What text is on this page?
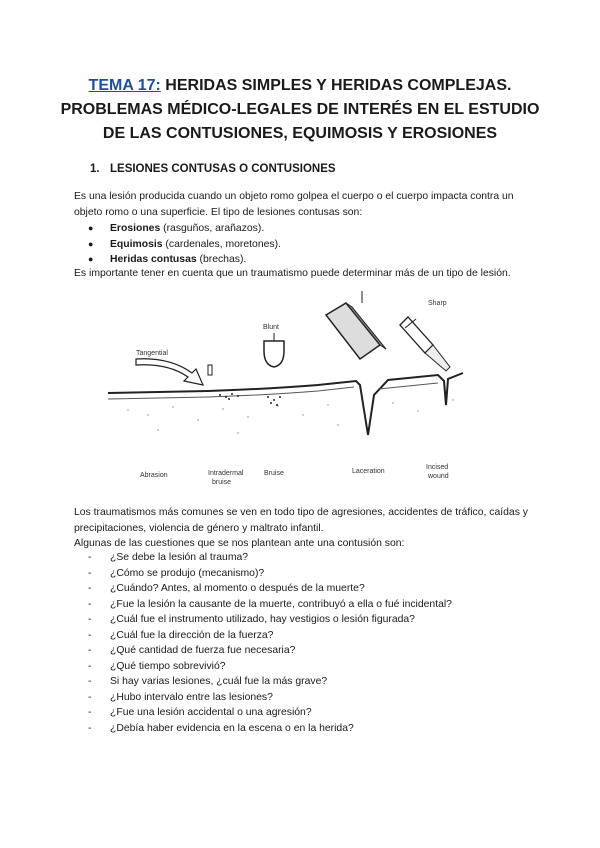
TEMA 17: HERIDAS SIMPLES Y HERIDAS COMPLEJAS.
PROBLEMAS MÉDICO-LEGALES DE INTERÉS EN EL ESTUDIO
DE LAS CONTUSIONES, EQUIMOSIS Y EROSIONES
1. LESIONES CONTUSAS O CONTUSIONES
Es una lesión producida cuando un objeto romo golpea el cuerpo o el cuerpo impacta contra un objeto romo o una superficie. El tipo de lesiones contusas son:
● Erosiones (rasguños, arañazos).
● Equimosis (cardenales, moretones).
● Heridas contusas (brechas).
Es importante tener en cuenta que un traumatismo puede determinar más de un tipo de lesión.
Tangential
Blunt
Sharp
Abrasion	Intradermal
bruise
Bruise	Laceration
Incised
wound
Los traumatismos más comunes se ven en todo tipo de agresiones, accidentes de tráfico, caídas y precipitaciones, violencia de género y maltrato infantil.
Algunas de las cuestiones que se nos plantean ante una contusión son:
- ¿Se debe la lesión al trauma?
- ¿Cómo se produjo (mecanismo)?
- ¿Cuándo? Antes, al momento o después de la muerte?
- ¿Fue la lesión la causante de la muerte, contribuyó a ella o fué incidental?
- ¿Cuál fue el instrumento utilizado, hay vestigios o lesión figurada?
- ¿Cuál fue la dirección de la fuerza?
- ¿Qué cantidad de fuerza fue necesaria?
- ¿Qué tiempo sobrevivió?
- Si hay varias lesiones, ¿cuál fue la más grave?
- ¿Hubo intervalo entre las lesiones?
- ¿Fue una lesión accidental o una agresión?
- ¿Debía haber evidencia en la escena o en la herida?
